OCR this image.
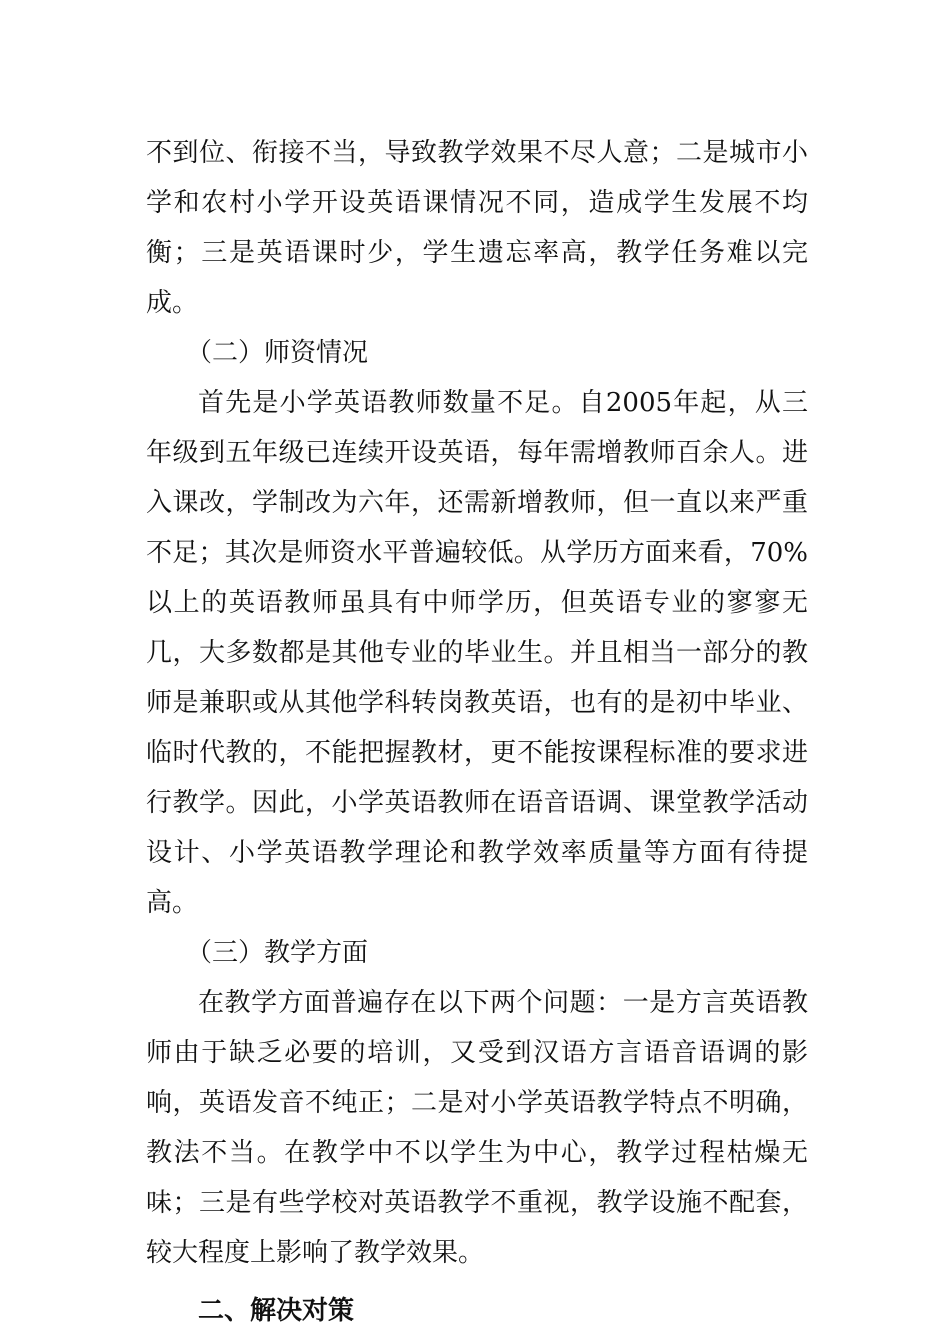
不到位、衔接不当，导致教学效果不尽人意；二是城市小学和农村小学开设英语课情况不同，造成学生发展不均衡；三是英语课时少，学生遗忘率高，教学任务难以完成。

（二）师资情况

首先是小学英语教师数量不足。自2005年起，从三年级到五年级已连续开设英语，每年需增教师百余人。进入课改，学制改为六年，还需新增教师，但一直以来严重不足；其次是师资水平普遍较低。从学历方面来看，70%以上的英语教师虽具有中师学历，但英语专业的寥寥无几，大多数都是其他专业的毕业生。并且相当一部分的教师是兼职或从其他学科转岗教英语，也有的是初中毕业、临时代教的，不能把握教材，更不能按课程标准的要求进行教学。因此，小学英语教师在语音语调、课堂教学活动设计、小学英语教学理论和教学效率质量等方面有待提高。

（三）教学方面

在教学方面普遍存在以下两个问题：一是方言英语教师由于缺乏必要的培训，又受到汉语方言语音语调的影响，英语发音不纯正；二是对小学英语教学特点不明确，教法不当。在教学中不以学生为中心，教学过程枯燥无味；三是有些学校对英语教学不重视，教学设施不配套，较大程度上影响了教学效果。

二、解决对策
